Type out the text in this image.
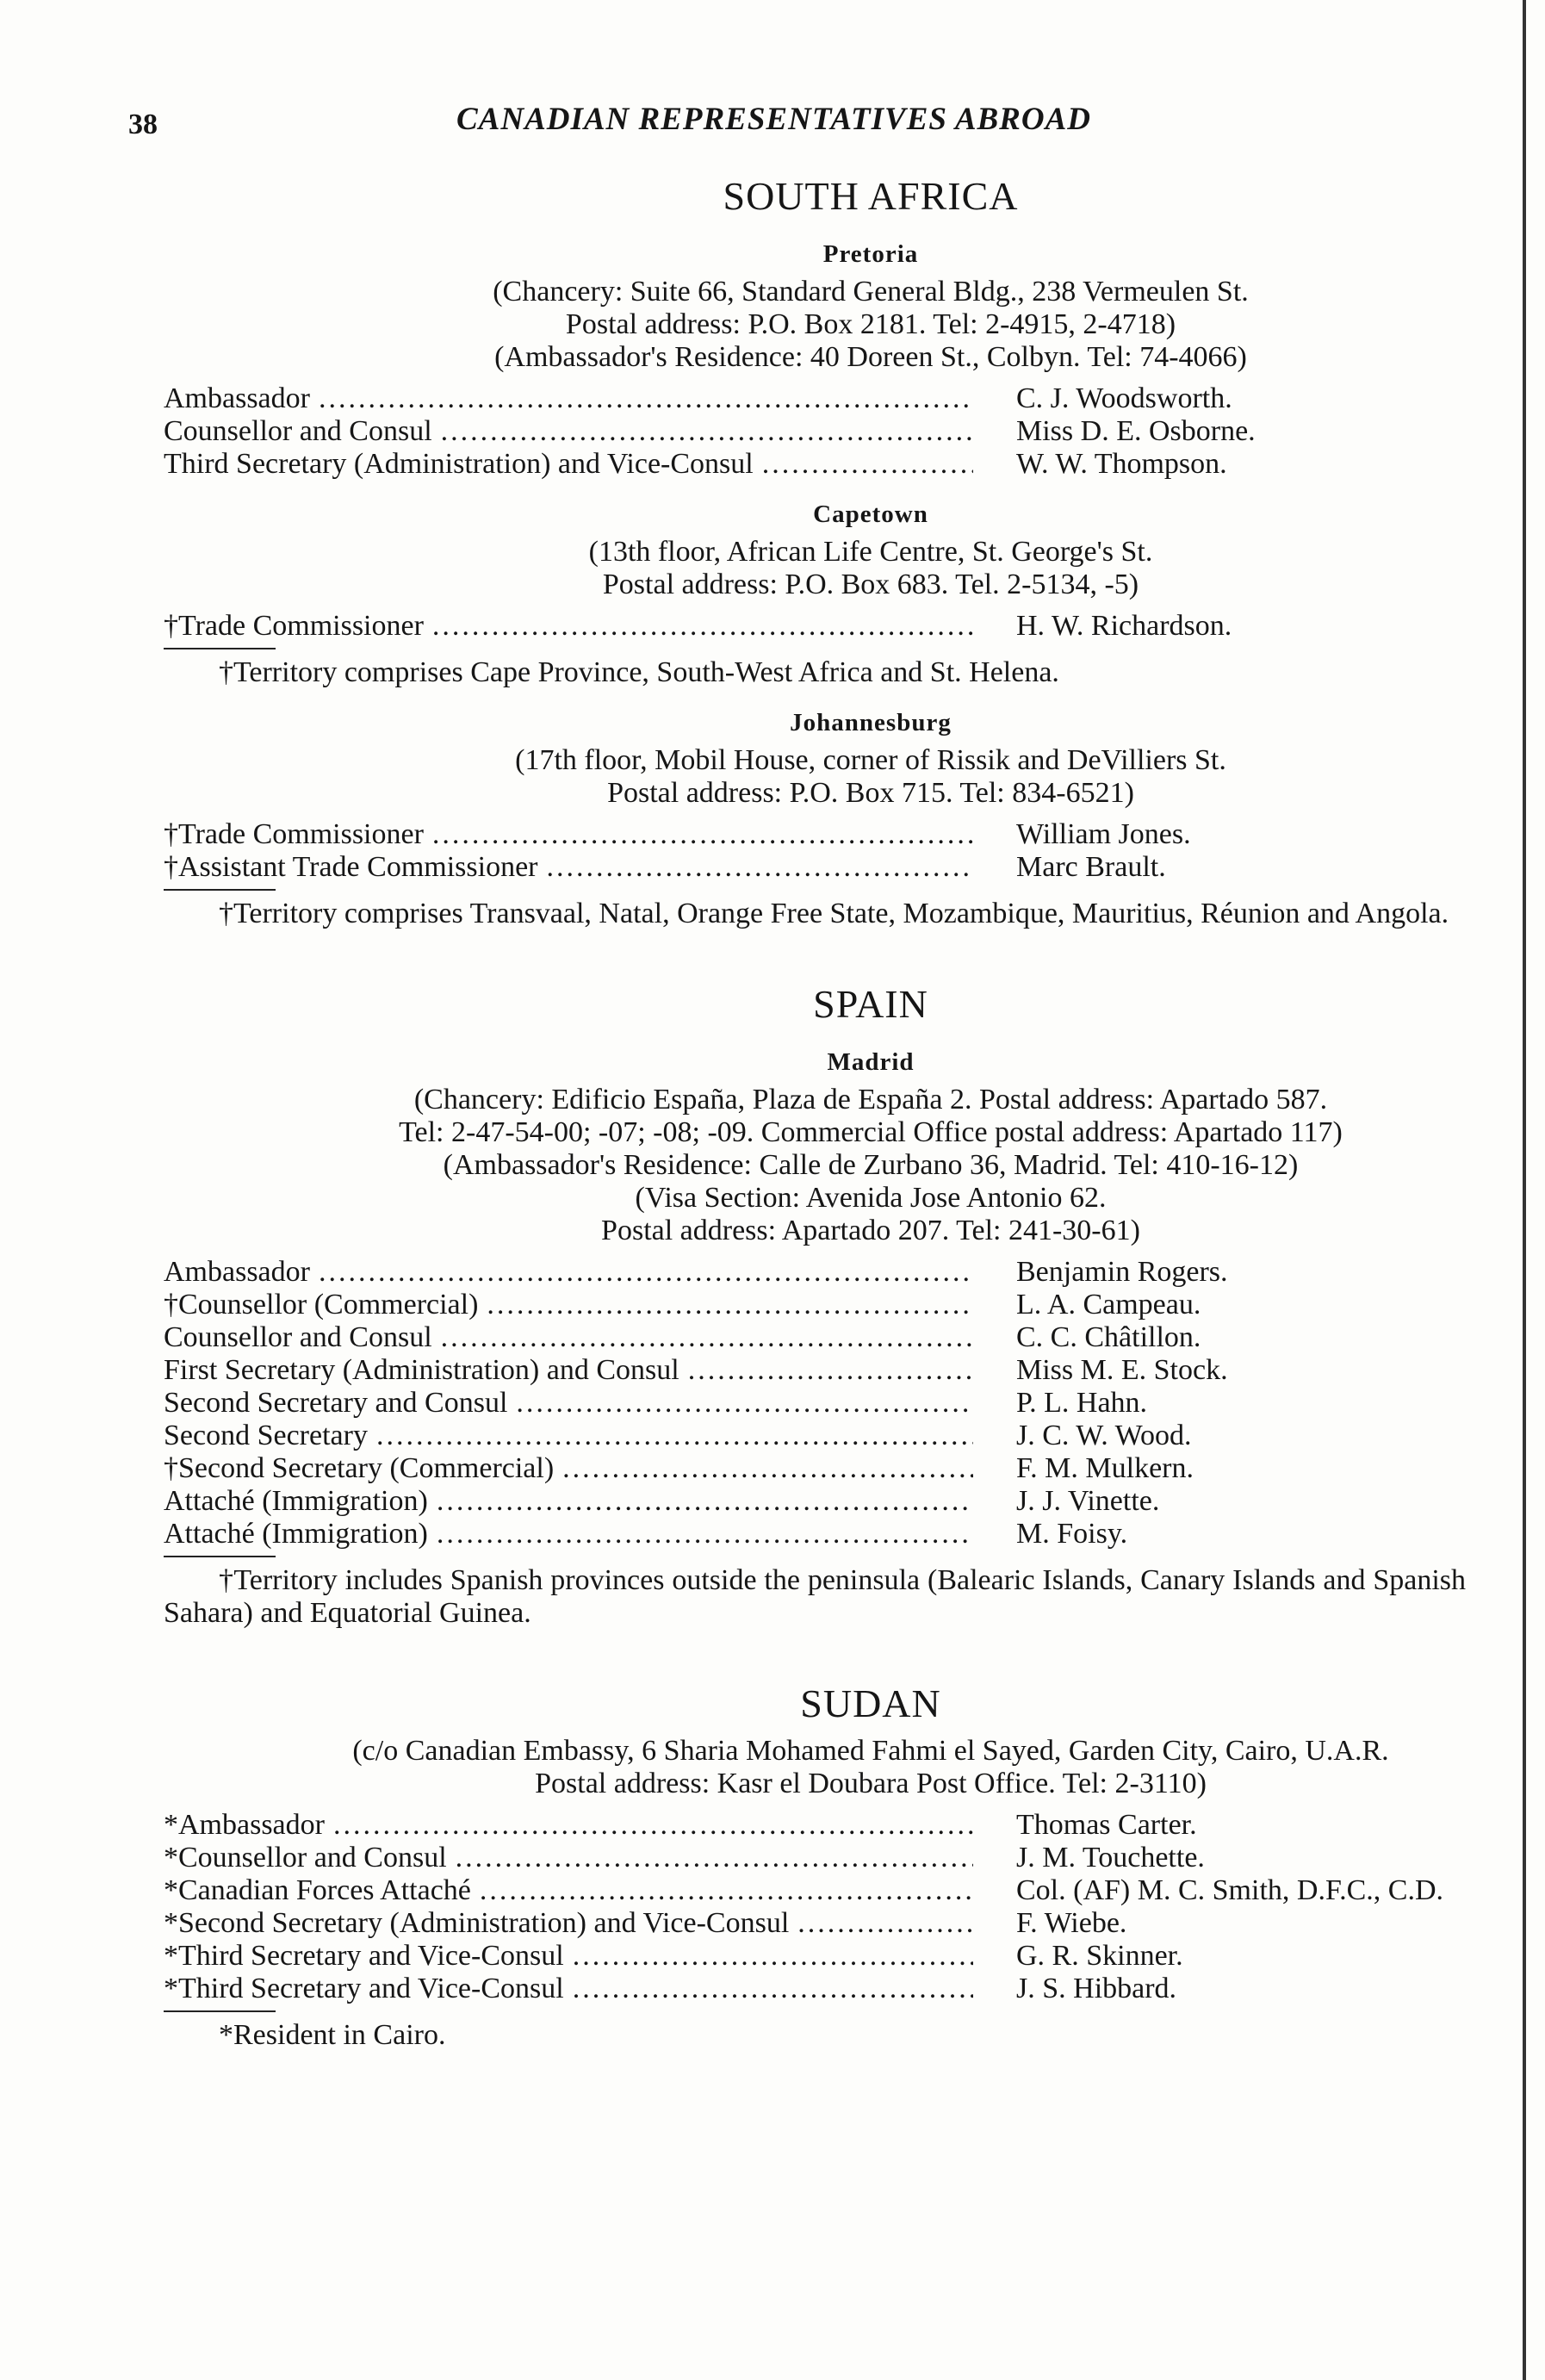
38	CANADIAN REPRESENTATIVES ABROAD
SOUTH AFRICA
Pretoria
(Chancery: Suite 66, Standard General Bldg., 238 Vermeulen St.
Postal address: P.O. Box 2181. Tel: 2-4915, 2-4718)
(Ambassador's Residence: 40 Doreen St., Colbyn. Tel: 74-4066)
Ambassador .....	C. J. Woodsworth.
Counsellor and Consul .....	Miss D. E. Osborne.
Third Secretary (Administration) and Vice-Consul .....	W. W. Thompson.
Capetown
(13th floor, African Life Centre, St. George's St.
Postal address: P.O. Box 683. Tel. 2-5134, -5)
†Trade Commissioner .....	H. W. Richardson.
†Territory comprises Cape Province, South-West Africa and St. Helena.
Johannesburg
(17th floor, Mobil House, corner of Rissik and DeVilliers St.
Postal address: P.O. Box 715. Tel: 834-6521)
†Trade Commissioner .....	William Jones.
†Assistant Trade Commissioner .....	Marc Brault.
†Territory comprises Transvaal, Natal, Orange Free State, Mozambique, Mauritius, Réunion and Angola.
SPAIN
Madrid
(Chancery: Edificio España, Plaza de España 2. Postal address: Apartado 587.
Tel: 2-47-54-00; -07; -08; -09. Commercial Office postal address: Apartado 117)
(Ambassador's Residence: Calle de Zurbano 36, Madrid. Tel: 410-16-12)
(Visa Section: Avenida Jose Antonio 62.
Postal address: Apartado 207. Tel: 241-30-61)
Ambassador .....	Benjamin Rogers.
†Counsellor (Commercial) .....	L. A. Campeau.
Counsellor and Consul .....	C. C. Châtillon.
First Secretary (Administration) and Consul .....	Miss M. E. Stock.
Second Secretary and Consul .....	P. L. Hahn.
Second Secretary .....	J. C. W. Wood.
†Second Secretary (Commercial) .....	F. M. Mulkern.
Attaché (Immigration) .....	J. J. Vinette.
Attaché (Immigration) .....	M. Foisy.
†Territory includes Spanish provinces outside the peninsula (Balearic Islands, Canary Islands and Spanish Sahara) and Equatorial Guinea.
SUDAN
(c/o Canadian Embassy, 6 Sharia Mohamed Fahmi el Sayed, Garden City, Cairo, U.A.R.
Postal address: Kasr el Doubara Post Office. Tel: 2-3110)
*Ambassador .....	Thomas Carter.
*Counsellor and Consul .....	J. M. Touchette.
*Canadian Forces Attaché .....	Col. (AF) M. C. Smith, D.F.C., C.D.
*Second Secretary (Administration) and Vice-Consul .....	F. Wiebe.
*Third Secretary and Vice-Consul .....	G. R. Skinner.
*Third Secretary and Vice-Consul .....	J. S. Hibbard.
*Resident in Cairo.
